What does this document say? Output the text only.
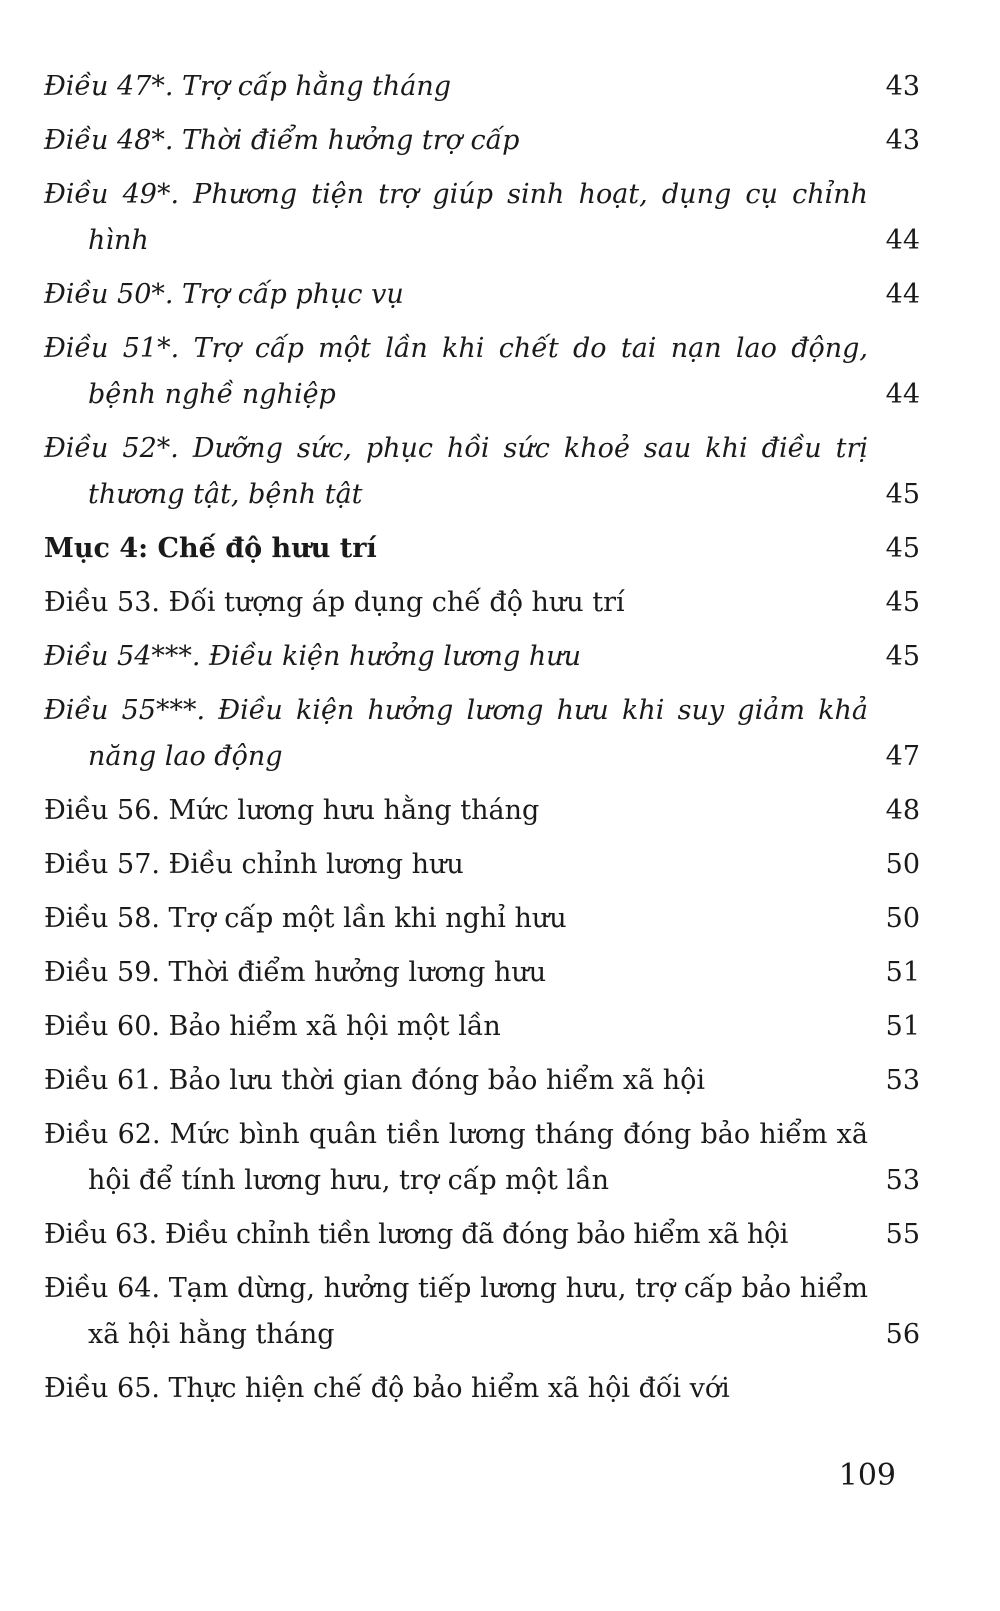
Điều 47*. Trợ cấp hằng tháng	43
Điều 48*. Thời điểm hưởng trợ cấp	43
Điều 49*. Phương tiện trợ giúp sinh hoạt, dụng cụ chỉnh hình	44
Điều 50*. Trợ cấp phục vụ	44
Điều 51*. Trợ cấp một lần khi chết do tai nạn lao động, bệnh nghề nghiệp	44
Điều 52*. Dưỡng sức, phục hồi sức khoẻ sau khi điều trị thương tật, bệnh tật	45
Mục 4: Chế độ hưu trí	45
Điều 53. Đối tượng áp dụng chế độ hưu trí	45
Điều 54***. Điều kiện hưởng lương hưu	45
Điều 55***. Điều kiện hưởng lương hưu khi suy giảm khả năng lao động	47
Điều 56. Mức lương hưu hằng tháng	48
Điều 57. Điều chỉnh lương hưu	50
Điều 58. Trợ cấp một lần khi nghỉ hưu	50
Điều 59. Thời điểm hưởng lương hưu	51
Điều 60. Bảo hiểm xã hội một lần	51
Điều 61. Bảo lưu thời gian đóng bảo hiểm xã hội	53
Điều 62. Mức bình quân tiền lương tháng đóng bảo hiểm xã hội để tính lương hưu, trợ cấp một lần	53
Điều 63. Điều chỉnh tiền lương đã đóng bảo hiểm xã hội	55
Điều 64. Tạm dừng, hưởng tiếp lương hưu, trợ cấp bảo hiểm xã hội hằng tháng	56
Điều 65. Thực hiện chế độ bảo hiểm xã hội đối với
109
